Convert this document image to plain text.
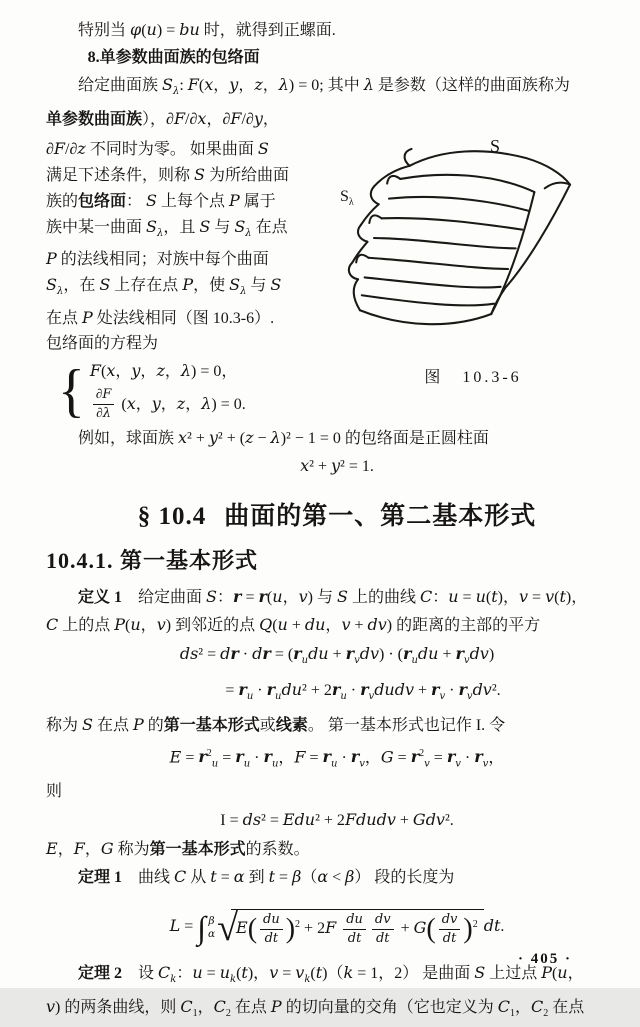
特别当 φ(u) = bu 时，就得到正螺面.
8.单参数曲面族的包络面
给定曲面族 $S_\lambda$: F(x，y，z，λ) = 0; 其中 λ 是参数（这样的曲面族称为
单参数曲面族），∂F/∂x，∂F/∂y，
∂F/∂z 不同时为零。 如果曲面 S
满足下述条件，则称 S 为所给曲面
族的包络面： S 上每个点 P 属于
族中某一曲面 $S_\lambda$，且 S 与 $S_\lambda$ 在点
P 的法线相同；对族中每个曲面
$S_\lambda$，在 S 上存在点 P，使 $S_\lambda$ 与 S
在点 P 处法线相同（图 10.3-6）.
包络面的方程为
{ F(x，y，z，λ) = 0，
$\frac{\partial F}{\partial\lambda} (x$，y，z，λ) = 0.
S
$S_\lambda$
图　10.3-6
例如，球面族 x² + y² + (z − λ)² − 1 = 0 的包络面是正圆柱面
x² + y² = 1.
§ 10.4 曲面的第一、第二基本形式
10.4.1. 第一基本形式
定义 1　给定曲面 S：r = r(u，v) 与 S 上的曲线 C：u = u(t)，v = v(t)，
C 上的点 P(u，v) 到邻近的点 Q(u + du，v + dv) 的距离的主部的平方
ds² = dr · dr = $(r_udu + r_vdv) \cdot (r_udu + r_vdv)$
= $r_u \cdot r_udu^2 + 2r_u$ · $r_vdudv + r_v \cdot r_vdv^2$.
称为 S 在点 P 的第一基本形式或线素。 第一基本形式也记作 I. 令
$E = r^2_u = r_u \cdot r_u$，$F = r_u \cdot r_v$，$G = r^2_v = r_v \cdot r_v$，
则
I = ds² = Edu² + 2Fdudv + Gdv².
E，F，G 称为第一基本形式的系数。
定理 1　曲线 C 从 t = α 到 t = β（α < β） 段的长度为
L = ∫ β
α $√E( \frac{du}{dt} )^2 + 2F \frac{du}{dt} \frac{dv}{dt} + G( \frac{dv}{dt} )^2$ dt.
定理 2　设 $C_k$：$u = u_k(t)$，$v = v_k(t)(k = 1$，2） 是曲面 S 上过点 P(u，
v) 的两条曲线，则 $C_1$，$C_2$ 在点 P 的切向量的交角（它也定义为 $C_1$，$C_2$ 在点
· 405 ·
